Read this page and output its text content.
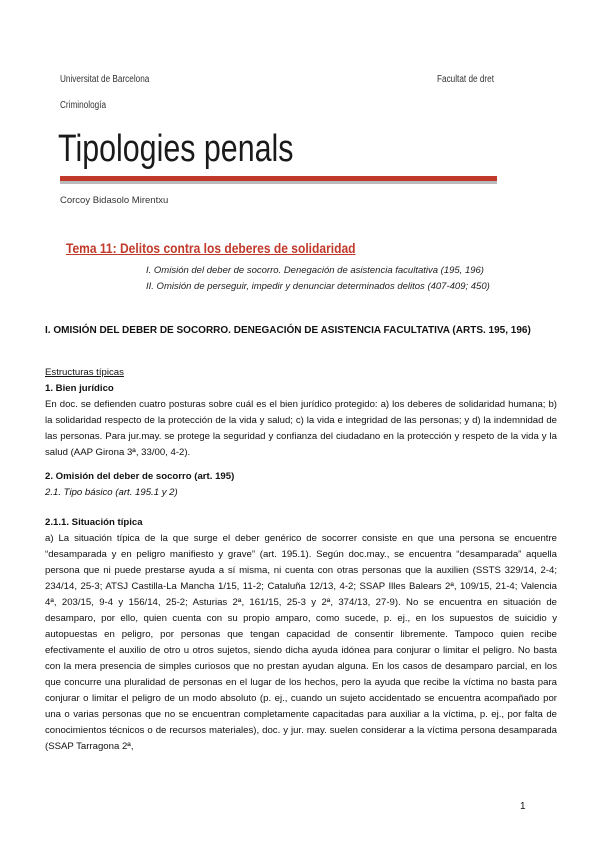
Universitat de Barcelona	Facultat de dret
Criminología
Tipologies penals
Corcoy Bidasolo Mirentxu
Tema 11: Delitos contra los deberes de solidaridad
I. Omisión del deber de socorro. Denegación de asistencia facultativa (195, 196)
II. Omisión de perseguir, impedir y denunciar determinados delitos (407-409; 450)
I. OMISIÓN DEL DEBER DE SOCORRO. DENEGACIÓN DE ASISTENCIA FACULTATIVA (ARTS. 195, 196)
Estructuras típicas
1. Bien jurídico
En doc. se defienden cuatro posturas sobre cuál es el bien jurídico protegido: a) los deberes de solidaridad humana; b) la solidaridad respecto de la protección de la vida y salud; c) la vida e integridad de las personas; y d) la indemnidad de las personas. Para jur.may. se protege la seguridad y confianza del ciudadano en la protección y respeto de la vida y la salud (AAP Girona 3ª, 33/00, 4-2).
2. Omisión del deber de socorro (art. 195)
2.1. Tipo básico (art. 195.1 y 2)
2.1.1. Situación típica
a) La situación típica de la que surge el deber genérico de socorrer consiste en que una persona se encuentre “desamparada y en peligro manifiesto y grave” (art. 195.1). Según doc.may., se encuentra “desamparada” aquella persona que ni puede prestarse ayuda a sí misma, ni cuenta con otras personas que la auxilien (SSTS 329/14, 2-4; 234/14, 25-3; ATSJ Castilla-La Mancha 1/15, 11-2; Cataluña 12/13, 4-2; SSAP Illes Balears 2ª, 109/15, 21-4; Valencia 4ª, 203/15, 9-4 y 156/14, 25-2; Asturias 2ª, 161/15, 25-3 y 2ª, 374/13, 27-9). No se encuentra en situación de desamparo, por ello, quien cuenta con su propio amparo, como sucede, p. ej., en los supuestos de suicidio y autopuestas en peligro, por personas que tengan capacidad de consentir libremente. Tampoco quien recibe efectivamente el auxilio de otro u otros sujetos, siendo dicha ayuda idónea para conjurar o limitar el peligro. No basta con la mera presencia de simples curiosos que no prestan ayudan alguna. En los casos de desamparo parcial, en los que concurre una pluralidad de personas en el lugar de los hechos, pero la ayuda que recibe la víctima no basta para conjurar o limitar el peligro de un modo absoluto (p. ej., cuando un sujeto accidentado se encuentra acompañado por una o varias personas que no se encuentran completamente capacitadas para auxiliar a la víctima, p. ej., por falta de conocimientos técnicos o de recursos materiales), doc. y jur. may. suelen considerar a la víctima persona desamparada (SSAP Tarragona 2ª,
1
